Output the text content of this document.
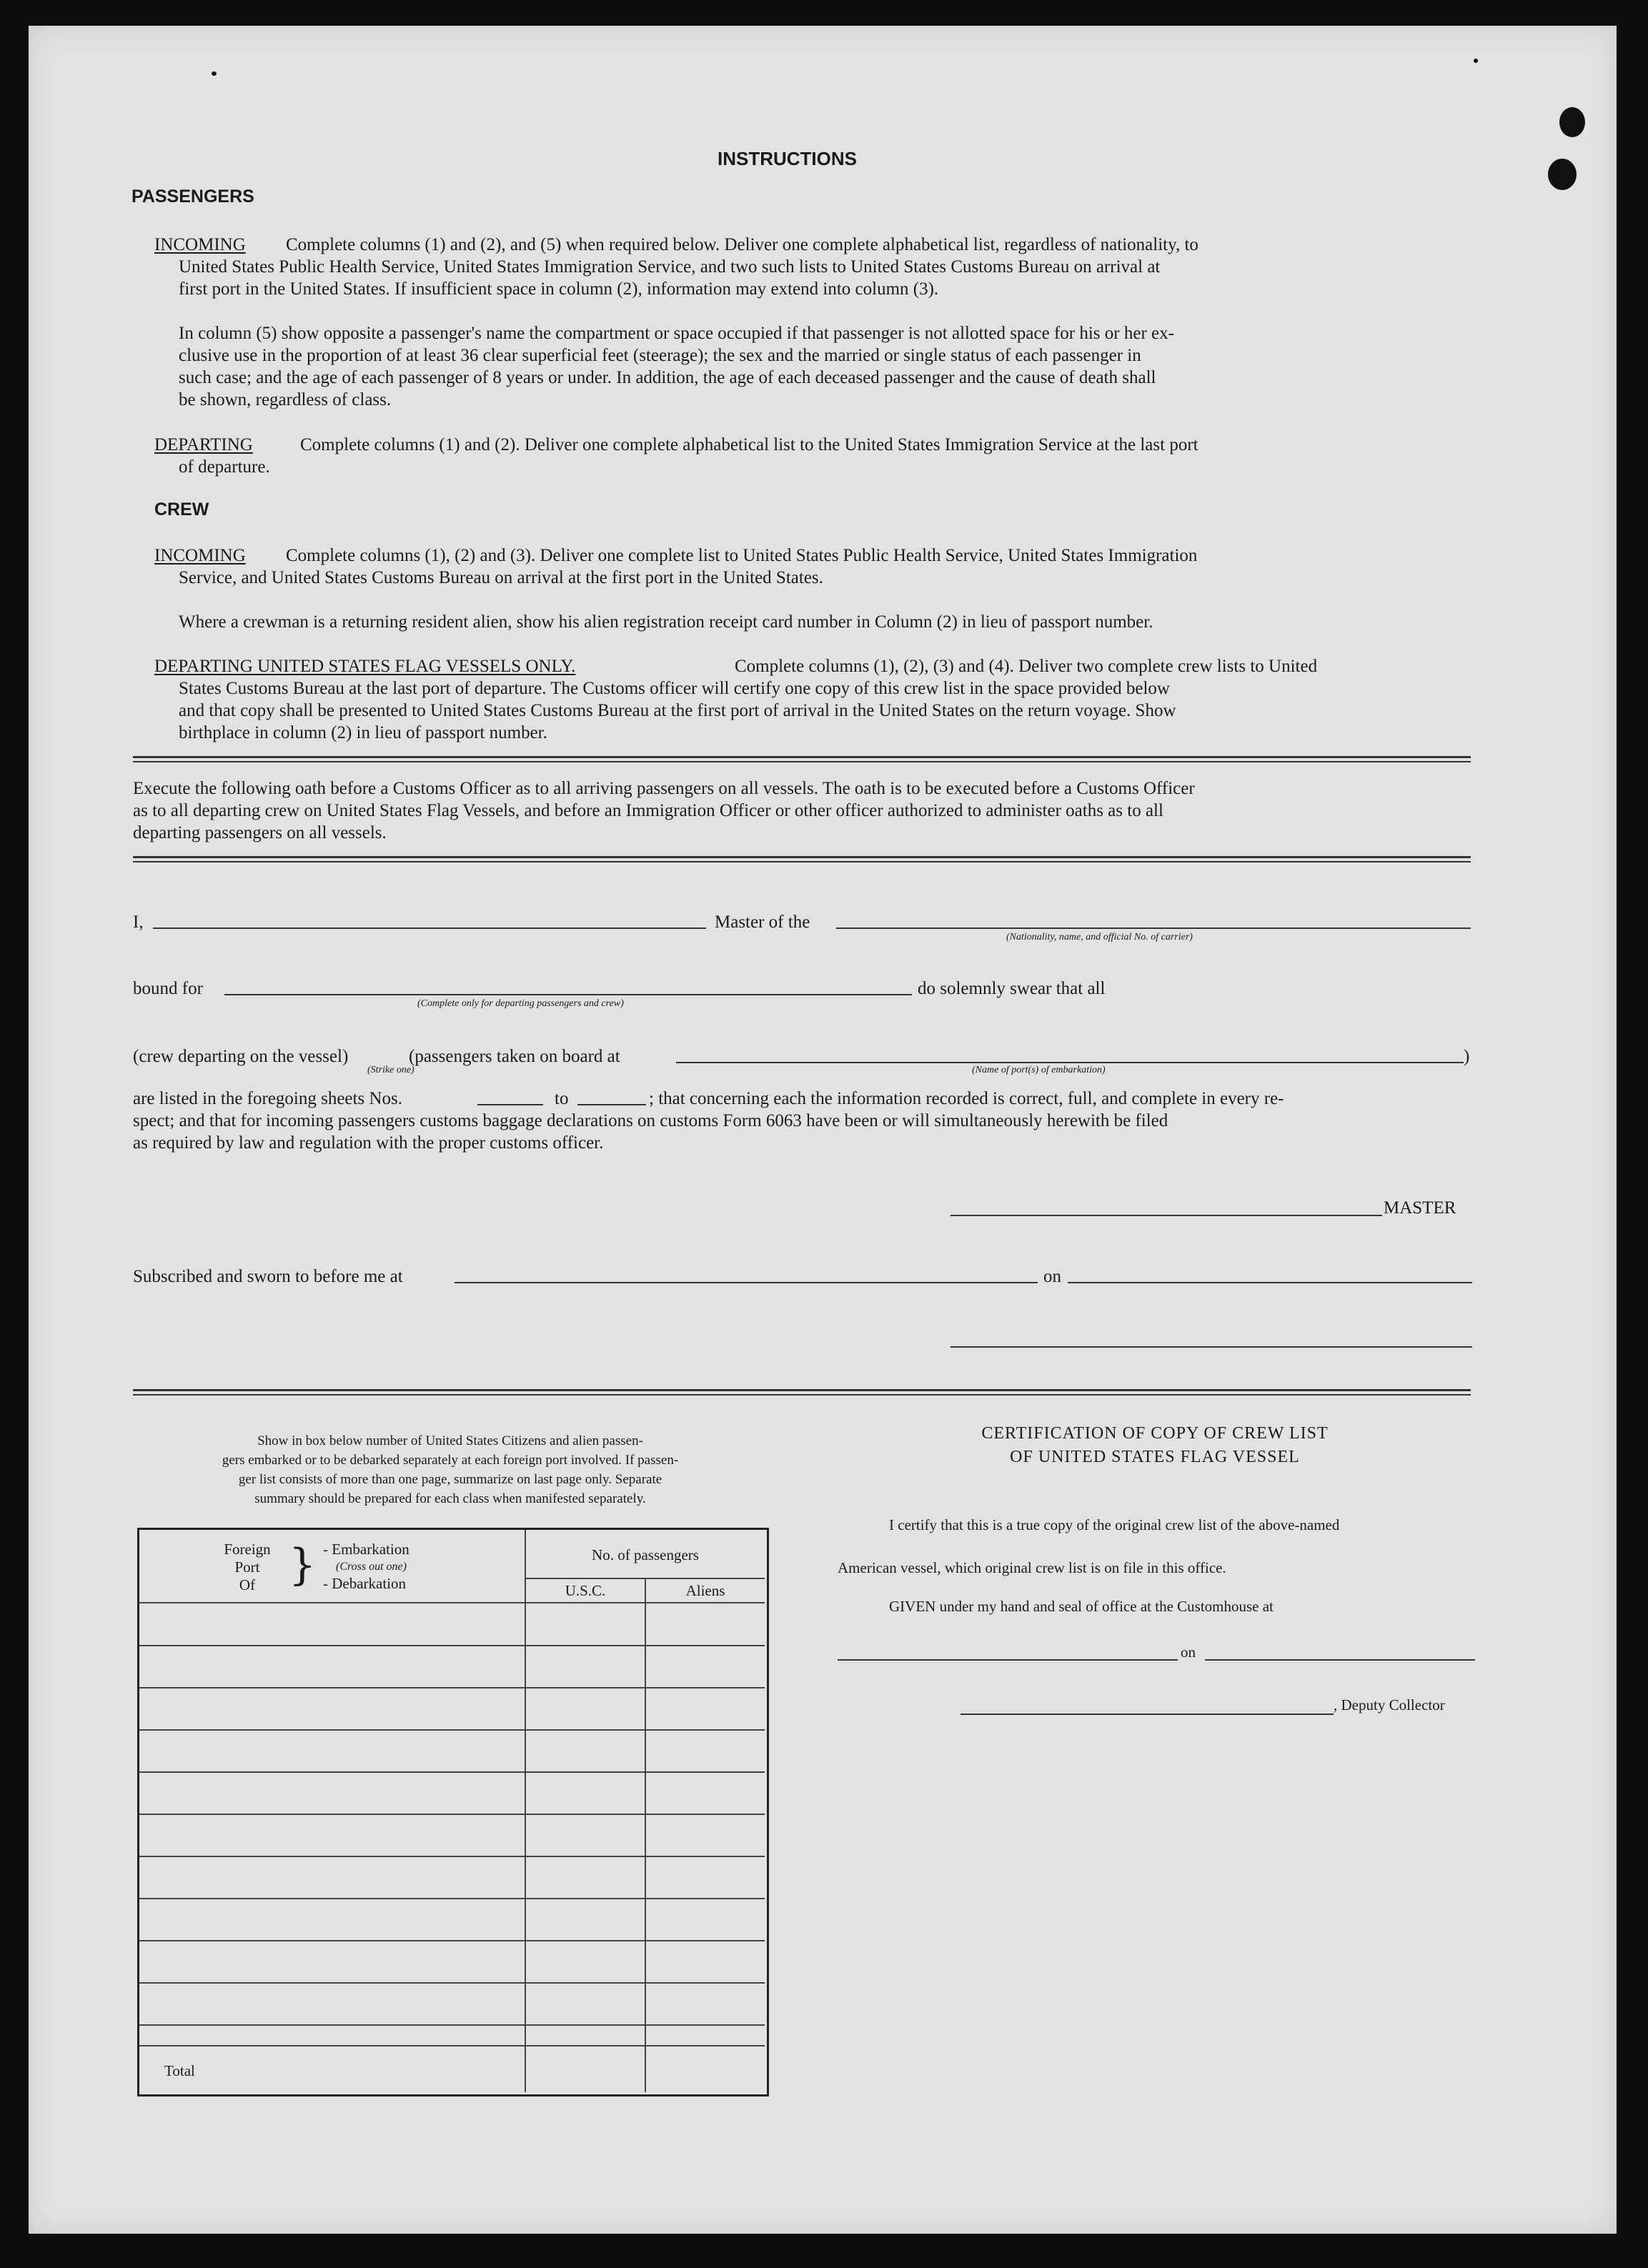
INSTRUCTIONS
PASSENGERS
INCOMING Complete columns (1) and (2), and (5) when required below. Deliver one complete alphabetical list, regardless of nationality, to
United States Public Health Service, United States Immigration Service, and two such lists to United States Customs Bureau on arrival at
first port in the United States. If insufficient space in column (2), information may extend into column (3).
In column (5) show opposite a passenger's name the compartment or space occupied if that passenger is not allotted space for his or her ex-
clusive use in the proportion of at least 36 clear superficial feet (steerage); the sex and the married or single status of each passenger in
such case; and the age of each passenger of 8 years or under. In addition, the age of each deceased passenger and the cause of death shall
be shown, regardless of class.
DEPARTING	Complete columns (1) and (2). Deliver one complete alphabetical list to the United States Immigration Service at the last port
of departure.
CREW
INCOMING Complete columns (1), (2) and (3). Deliver one complete list to United States Public Health Service, United States Immigration
Service, and United States Customs Bureau on arrival at the first port in the United States.
Where a crewman is a returning resident alien, show his alien registration receipt card number in Column (2) in lieu of passport number.
DEPARTING UNITED STATES FLAG VESSELS ONLY.	Complete columns (1), (2), (3) and (4). Deliver two complete crew lists to United
States Customs Bureau at the last port of departure. The Customs officer will certify one copy of this crew list in the space provided below
and that copy shall be presented to United States Customs Bureau at the first port of arrival in the United States on the return voyage. Show
birthplace in column (2) in lieu of passport number.
Execute the following oath before a Customs Officer as to all arriving passengers on all vessels. The oath is to be executed before a Customs Officer
as to all departing crew on United States Flag Vessels, and before an Immigration Officer or other officer authorized to administer oaths as to all
departing passengers on all vessels.
I,	Master of the
(Nationality, name, and official No. of carrier)
bound for
(Complete only for departing passengers and crew)
do solemnly swear that all
(crew departing on the vessel)
(Strike one)
(passengers taken on board at	)
(Name of port(s) of embarkation)
are listed in the foregoing sheets Nos.	to	; that concerning each the information recorded is correct, full, and complete in every re-
spect; and that for incoming passengers customs baggage declarations on customs Form 6063 have been or will simultaneously herewith be filed
as required by law and regulation with the proper customs officer.
MASTER
Subscribed and sworn to before me at	on
Show in box below number of United States Citizens and alien passen-
gers embarked or to be debarked separately at each foreign port involved. If passen-
ger list consists of more than one page, summarize on last page only. Separate
summary should be prepared for each class when manifested separately.
Foreign
Port
Of } - Embarkation
(Cross out one)
- Debarkation
No. of passengers
U.S.C.	Aliens
Total
CERTIFICATION OF COPY OF CREW LIST
OF UNITED STATES FLAG VESSEL
I certify that this is a true copy of the original crew list of the above-named
American vessel, which original crew list is on file in this office.
GIVEN under my hand and seal of office at the Customhouse at
on
, Deputy Collector
